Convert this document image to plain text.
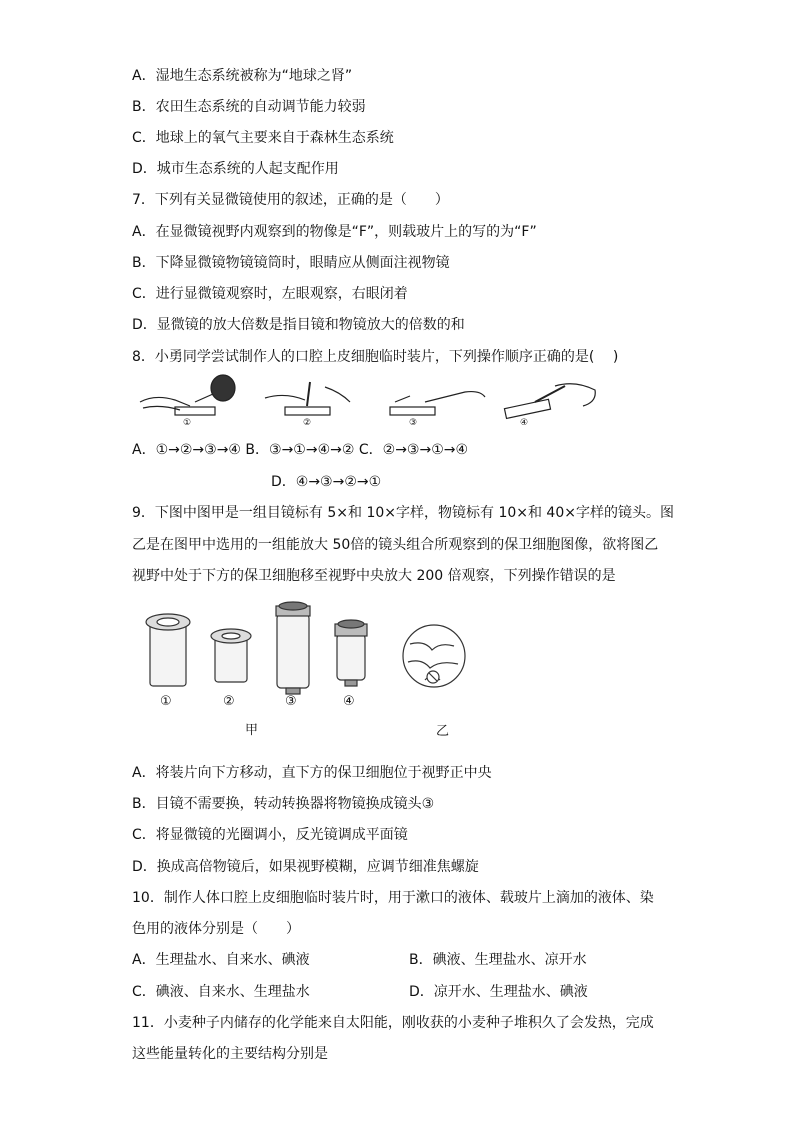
A．湿地生态系统被称为“地球之肾”
B．农田生态系统的自动调节能力较弱
C．地球上的氧气主要来自于森林生态系统
D．城市生态系统的人起支配作用
7．下列有关显微镜使用的叙述，正确的是（　　）
A．在显微镜视野内观察到的物像是“F”，则载玻片上的写的为“F”
B．下降显微镜物镜镜筒时，眼睛应从侧面注视物镜
C．进行显微镜观察时，左眼观察，右眼闭着
D．显微镜的放大倍数是指目镜和物镜放大的倍数的和
8．小勇同学尝试制作人的口腔上皮细胞临时装片，下列操作顺序正确的是(　 )
①	②	③	④
A．①→②→③→④ B．③→①→④→② C．②→③→①→④
D．④→③→②→①
9．下图中图甲是一组目镜标有 5×和 10×字样，物镜标有 10×和 40×字样的镜头。图
乙是在图甲中选用的一组能放大 50倍的镜头组合所观察到的保卫细胞图像，欲将图乙
视野中处于下方的保卫细胞移至视野中央放大 200 倍观察，下列操作错误的是
①	②	③	④
甲	乙
A．将装片向下方移动，直下方的保卫细胞位于视野正中央
B．目镜不需要换，转动转换器将物镜换成镜头③
C．将显微镜的光圈调小，反光镜调成平面镜
D．换成高倍物镜后，如果视野模糊，应调节细准焦螺旋
10．制作人体口腔上皮细胞临时装片时，用于漱口的液体、载玻片上滴加的液体、染
色用的液体分别是（　　）
A．生理盐水、自来水、碘液	B．碘液、生理盐水、凉开水
C．碘液、自来水、生理盐水	D．凉开水、生理盐水、碘液
11．小麦种子内储存的化学能来自太阳能，刚收获的小麦种子堆积久了会发热，完成
这些能量转化的主要结构分别是
